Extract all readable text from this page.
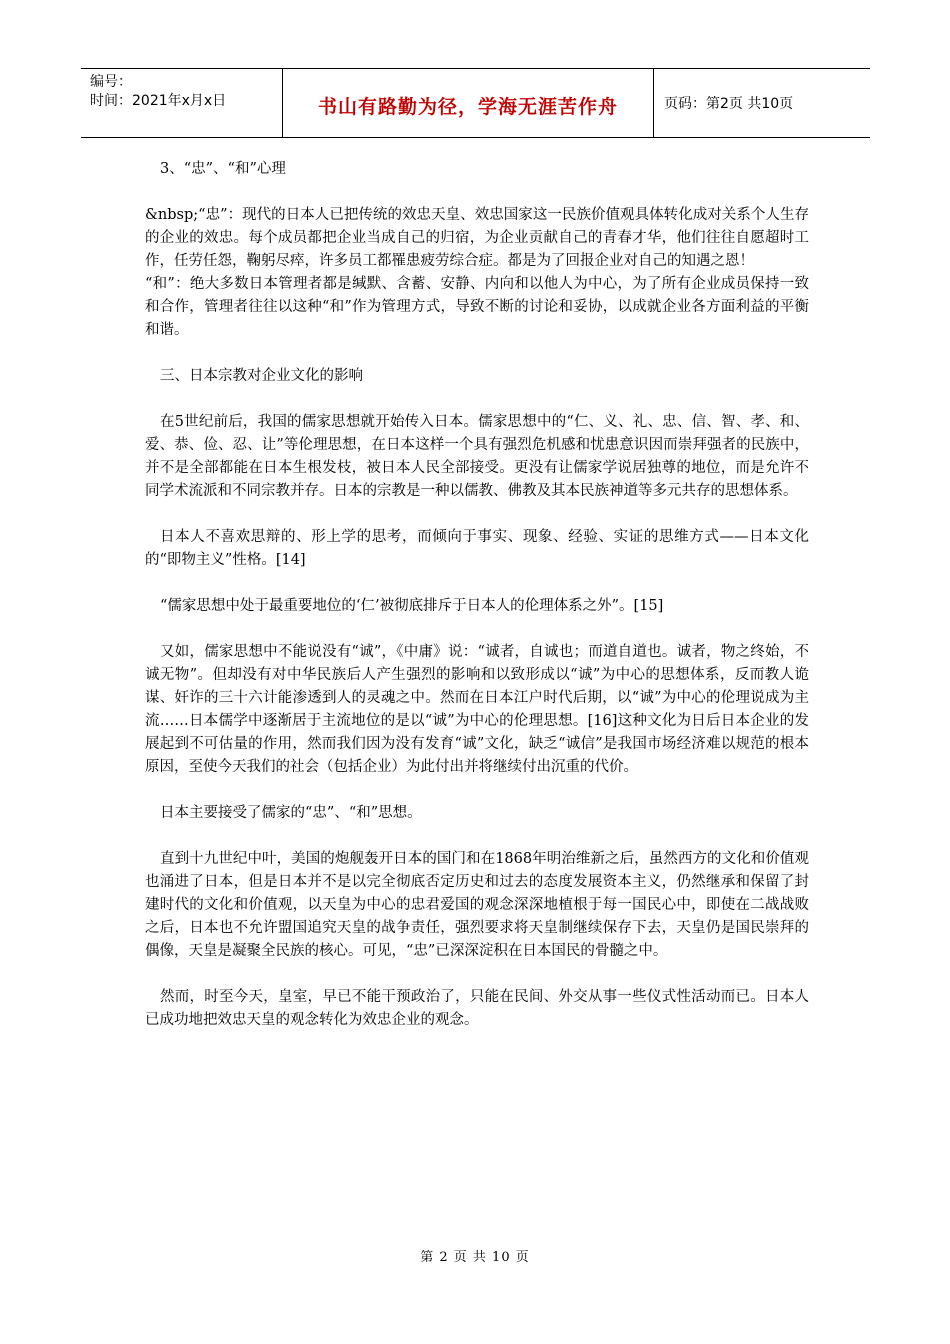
编号：
时间：2021年x月x日	书山有路勤为径，学海无涯苦作舟	页码：第2页 共10页

3、“忠”、“和”心理

&nbsp;“忠”：现代的日本人已把传统的效忠天皇、效忠国家这一民族价值观具体转化成对关系个人生存的企业的效忠。每个成员都把企业当成自己的归宿，为企业贡献自己的青春才华，他们往往自愿超时工作，任劳任怨，鞠躬尽瘁，许多员工都罹患疲劳综合症。都是为了回报企业对自己的知遇之恩！

“和”：绝大多数日本管理者都是缄默、含蓄、安静、内向和以他人为中心，为了所有企业成员保持一致和合作，管理者往往以这种“和”作为管理方式，导致不断的讨论和妥协，以成就企业各方面利益的平衡和谐。

三、日本宗教对企业文化的影响

在5世纪前后，我国的儒家思想就开始传入日本。儒家思想中的“仁、义、礼、忠、信、智、孝、和、爱、恭、俭、忍、让”等伦理思想，在日本这样一个具有强烈危机感和忧患意识因而崇拜强者的民族中，并不是全部都能在日本生根发枝，被日本人民全部接受。更没有让儒家学说居独尊的地位，而是允许不同学术流派和不同宗教并存。日本的宗教是一种以儒教、佛教及其本民族神道等多元共存的思想体系。

日本人不喜欢思辩的、形上学的思考，而倾向于事实、现象、经验、实证的思维方式——日本文化的“即物主义”性格。[14]

“儒家思想中处于最重要地位的‘仁’被彻底排斥于日本人的伦理体系之外”。[15]

又如，儒家思想中不能说没有“诚”，《中庸》说：“诚者，自诚也；而道自道也。诚者，物之终始，不诚无物”。但却没有对中华民族后人产生强烈的影响和以致形成以“诚”为中心的思想体系，反而教人诡谋、奸诈的三十六计能渗透到人的灵魂之中。然而在日本江户时代后期，以“诚”为中心的伦理说成为主流……日本儒学中逐渐居于主流地位的是以“诚”为中心的伦理思想。[16]这种文化为日后日本企业的发展起到不可估量的作用，然而我们因为没有发育“诚”文化，缺乏“诚信”是我国市场经济难以规范的根本原因，至使今天我们的社会（包括企业）为此付出并将继续付出沉重的代价。

日本主要接受了儒家的“忠”、“和”思想。

直到十九世纪中叶，美国的炮舰轰开日本的国门和在1868年明治维新之后，虽然西方的文化和价值观也涌进了日本，但是日本并不是以完全彻底否定历史和过去的态度发展资本主义，仍然继承和保留了封建时代的文化和价值观，以天皇为中心的忠君爱国的观念深深地植根于每一国民心中，即使在二战战败之后，日本也不允许盟国追究天皇的战争责任，强烈要求将天皇制继续保存下去，天皇仍是国民崇拜的偶像，天皇是凝聚全民族的核心。可见，“忠”已深深淀积在日本国民的骨髓之中。

然而，时至今天，皇室，早已不能干预政治了，只能在民间、外交从事一些仪式性活动而已。日本人已成功地把效忠天皇的观念转化为效忠企业的观念。

第 2 页 共 10 页
